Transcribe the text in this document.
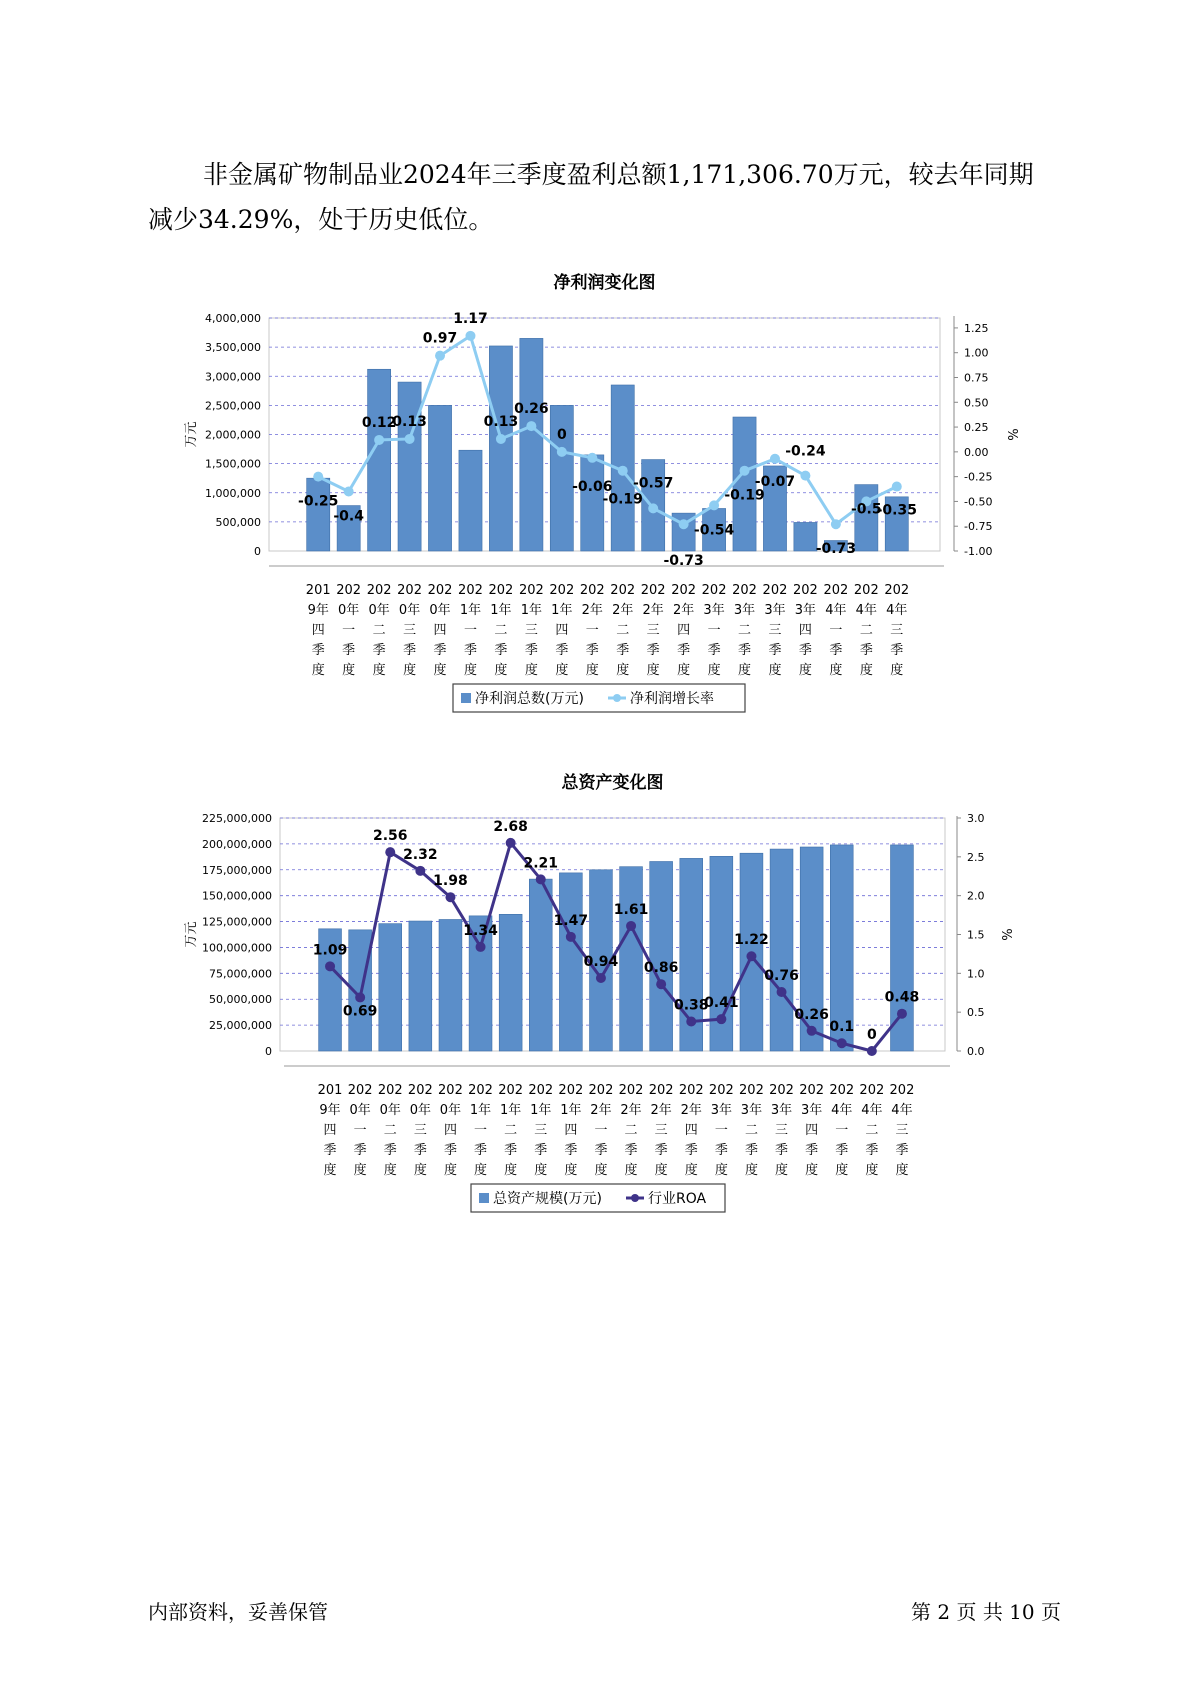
非金属矿物制品业2024年三季度盈利总额1,171,306.70万元，较去年同期减少34.29%，处于历史低位。

净利润变化图
0
500,000
1,000,000
1,500,000
2,000,000
2,500,000
3,000,000
3,500,000
4,000,000
-1.00
-0.75
-0.50
-0.25
0.00
0.25
0.50
0.75
1.00
1.25
万元	%
201
9年
四
季
度
202
0年
一
季
度
202
0年
二
季
度
202
0年
三
季
度
202
0年
四
季
度
202
1年
一
季
度
202
1年
二
季
度
202
1年
三
季
度
202
1年
四
季
度
202
2年
一
季
度
202
2年
二
季
度
202
2年
三
季
度
202
2年
四
季
度
202
3年
一
季
度
202
3年
二
季
度
202
3年
三
季
度
202
3年
四
季
度
202
4年
一
季
度
202
4年
二
季
度
202
4年
三
季
度
-0.25
-0.4
0.12
0.13
0.97
1.17
0.13
0.26
0
-0.06
-0.19
-0.57
-0.73
-0.54
-0.19
-0.07
-0.24
-0.73
-0.5
-0.35
净利润总数(万元)	净利润增长率
总资产变化图
0
25,000,000
50,000,000
75,000,000
100,000,000
125,000,000
150,000,000
175,000,000
200,000,000
225,000,000
0.0
0.5
1.0
1.5
2.0
2.5
3.0
万元	%
201
9年
四
季
度
202
0年
一
季
度
202
0年
二
季
度
202
0年
三
季
度
202
0年
四
季
度
202
1年
一
季
度
202
1年
二
季
度
202
1年
三
季
度
202
1年
四
季
度
202
2年
一
季
度
202
2年
二
季
度
202
2年
三
季
度
202
2年
四
季
度
202
3年
一
季
度
202
3年
二
季
度
202
3年
三
季
度
202
3年
四
季
度
202
4年
一
季
度
202
4年
二
季
度
202
4年
三
季
度
1.09
0.69
2.56
2.32
1.98
1.34
2.68
2.21
1.47
0.94
1.61
0.86
0.38
0.41
1.22
0.76
0.26
0.1 0
0.48
总资产规模(万元)	行业ROA
内部资料，妥善保管	第 2 页 共 10 页
